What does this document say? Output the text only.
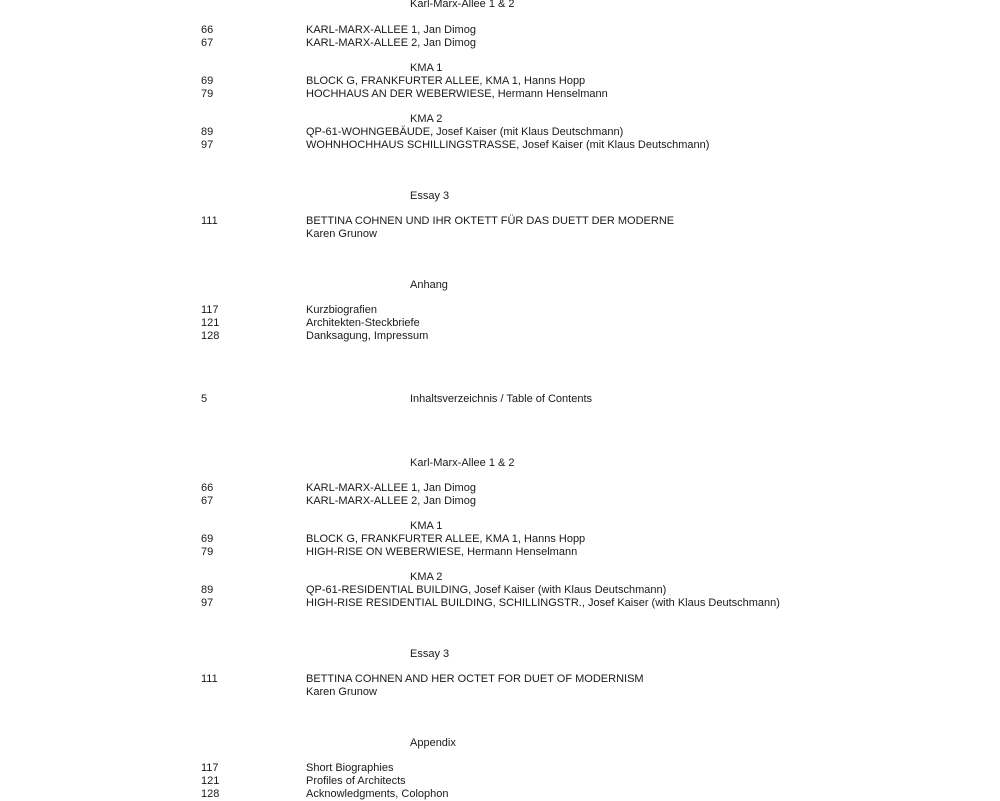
Karl-Marx-Allee 1 & 2

66	KARL-MARX-ALLEE 1, Jan Dimog

67	KARL-MARX-ALLEE 2, Jan Dimog

KMA 1

69	BLOCK G, FRANKFURTER ALLEE, KMA 1, Hanns Hopp

79	HOCHHAUS AN DER WEBERWIESE, Hermann Henselmann

KMA 2

89	QP-61-WOHNGEBÄUDE, Josef Kaiser (mit Klaus Deutschmann)

97	WOHNHOCHHAUS SCHILLINGSTRASSE, Josef Kaiser (mit Klaus Deutschmann)

Essay 3

111	BETTINA COHNEN UND IHR OKTETT FÜR DAS DUETT DER MODERNE

Karen Grunow

Anhang

117	Kurzbiografien

121	Architekten-Steckbriefe

128	Danksagung, Impressum

5	Inhaltsverzeichnis / Table of Contents

Karl-Marx-Allee 1 & 2

66	KARL-MARX-ALLEE 1, Jan Dimog

67	KARL-MARX-ALLEE 2, Jan Dimog

KMA 1

69	BLOCK G, FRANKFURTER ALLEE, KMA 1, Hanns Hopp

79	HIGH-RISE ON WEBERWIESE, Hermann Henselmann

KMA 2

89	QP-61-RESIDENTIAL BUILDING, Josef Kaiser (with Klaus Deutschmann)

97	HIGH-RISE RESIDENTIAL BUILDING, SCHILLINGSTR., Josef Kaiser (with Klaus Deutschmann)

Essay 3

111	BETTINA COHNEN AND HER OCTET FOR DUET OF MODERNISM

Karen Grunow

Appendix

117	Short Biographies

121	Profiles of Architects

128	Acknowledgments, Colophon
